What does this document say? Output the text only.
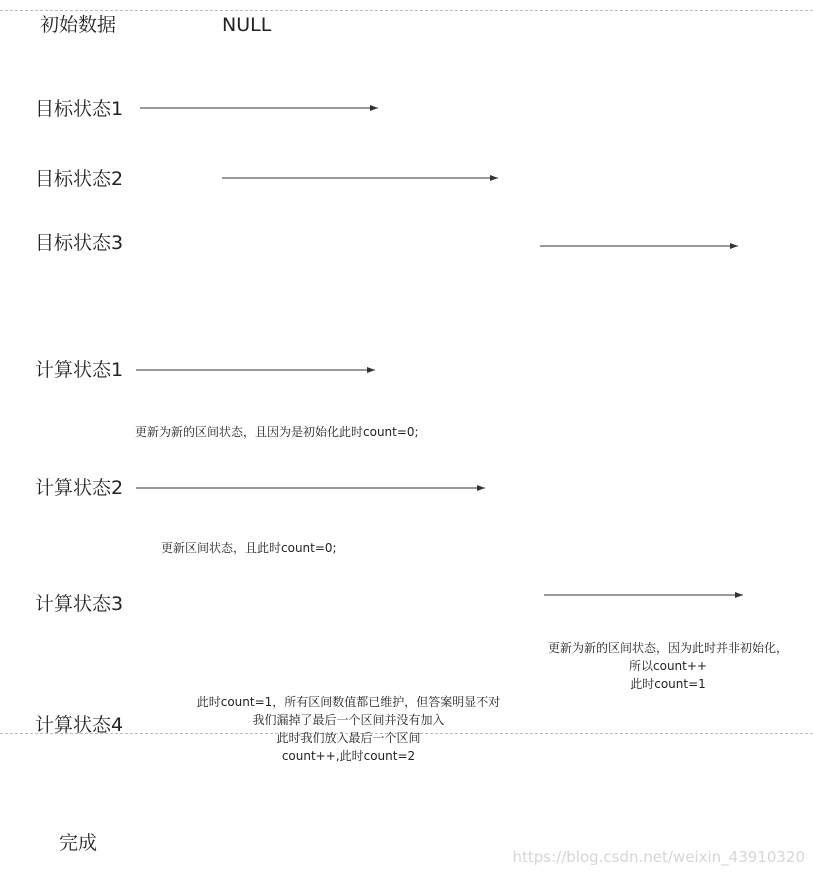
初始数据	NULL
目标状态1
目标状态2
目标状态3
计算状态1
计算状态2
计算状态3
计算状态4
更新为新的区间状态，且因为是初始化此时count=0;
更新区间状态，且此时count=0;
更新为新的区间状态，因为此时并非初始化，
所以count++
此时count=1
此时count=1，所有区间数值都已维护，但答案明显不对
我们漏掉了最后一个区间并没有加入
此时我们放入最后一个区间
count++,此时count=2
完成
https://blog.csdn.net/weixin_43910320
